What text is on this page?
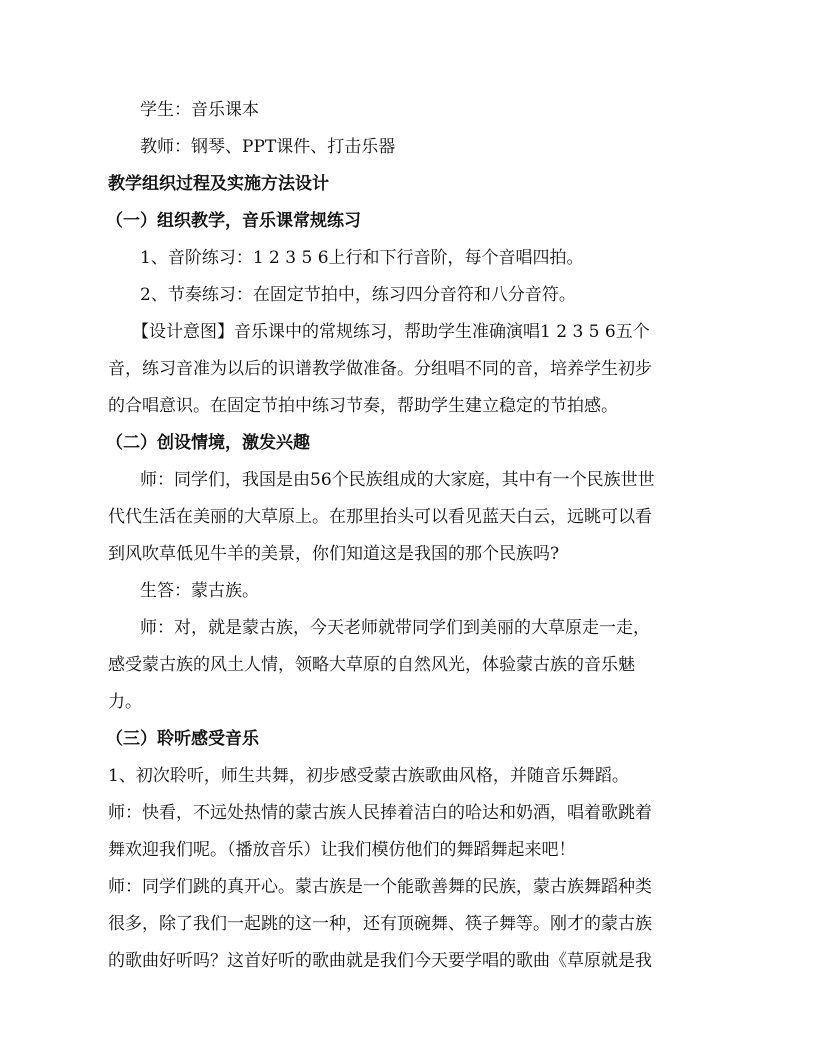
学生：音乐课本
教师：钢琴、PPT课件、打击乐器
教学组织过程及实施方法设计
（一）组织教学，音乐课常规练习
1、音阶练习：1 2 3 5 6上行和下行音阶，每个音唱四拍。
2、节奏练习：在固定节拍中，练习四分音符和八分音符。
【设计意图】音乐课中的常规练习，帮助学生准确演唱1 2 3 5 6五个
音，练习音准为以后的识谱教学做准备。分组唱不同的音，培养学生初步
的合唱意识。在固定节拍中练习节奏，帮助学生建立稳定的节拍感。
（二）创设情境，激发兴趣
师：同学们，我国是由56个民族组成的大家庭，其中有一个民族世世
代代生活在美丽的大草原上。在那里抬头可以看见蓝天白云，远眺可以看
到风吹草低见牛羊的美景，你们知道这是我国的那个民族吗?
生答：蒙古族。
师：对，就是蒙古族，今天老师就带同学们到美丽的大草原走一走，
感受蒙古族的风土人情，领略大草原的自然风光，体验蒙古族的音乐魅
力。
（三）聆听感受音乐
1、初次聆听，师生共舞，初步感受蒙古族歌曲风格，并随音乐舞蹈。
师：快看，不远处热情的蒙古族人民捧着洁白的哈达和奶酒，唱着歌跳着
舞欢迎我们呢。（播放音乐）让我们模仿他们的舞蹈舞起来吧！
师：同学们跳的真开心。蒙古族是一个能歌善舞的民族，蒙古族舞蹈种类
很多，除了我们一起跳的这一种，还有顶碗舞、筷子舞等。刚才的蒙古族
的歌曲好听吗？这首好听的歌曲就是我们今天要学唱的歌曲《草原就是我
